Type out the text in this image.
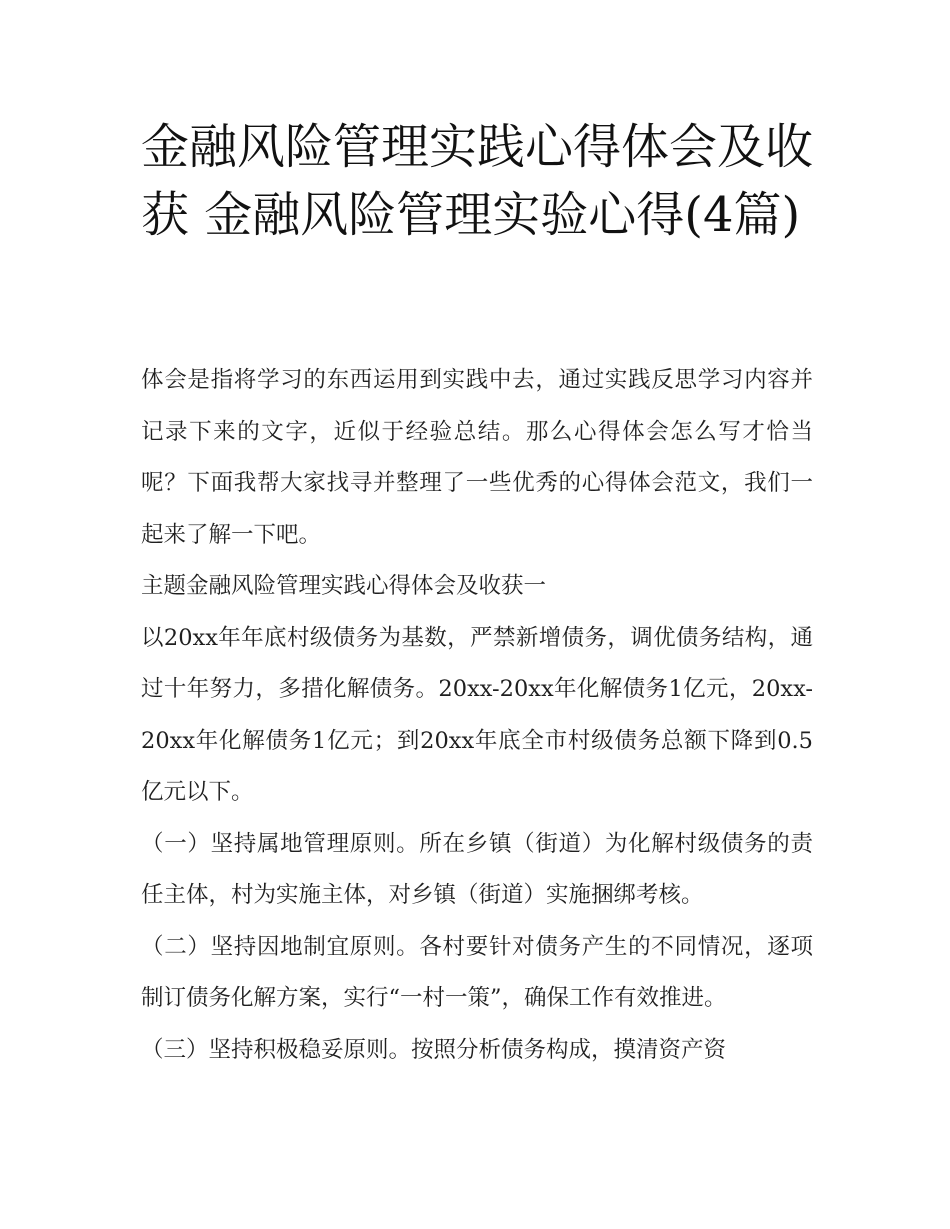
金融风险管理实践心得体会及收获 金融风险管理实验心得(4篇)

体会是指将学习的东西运用到实践中去，通过实践反思学习内容并记录下来的文字，近似于经验总结。那么心得体会怎么写才恰当呢？下面我帮大家找寻并整理了一些优秀的心得体会范文，我们一起来了解一下吧。

主题金融风险管理实践心得体会及收获一

以20xx年年底村级债务为基数，严禁新增债务，调优债务结构，通过十年努力，多措化解债务。20xx-20xx年化解债务1亿元，20xx-20xx年化解债务1亿元；到20xx年底全市村级债务总额下降到0.5亿元以下。

（一）坚持属地管理原则。所在乡镇（街道）为化解村级债务的责任主体，村为实施主体，对乡镇（街道）实施捆绑考核。

（二）坚持因地制宜原则。各村要针对债务产生的不同情况，逐项制订债务化解方案，实行“一村一策”，确保工作有效推进。

（三）坚持积极稳妥原则。按照分析债务构成，摸清资产资
